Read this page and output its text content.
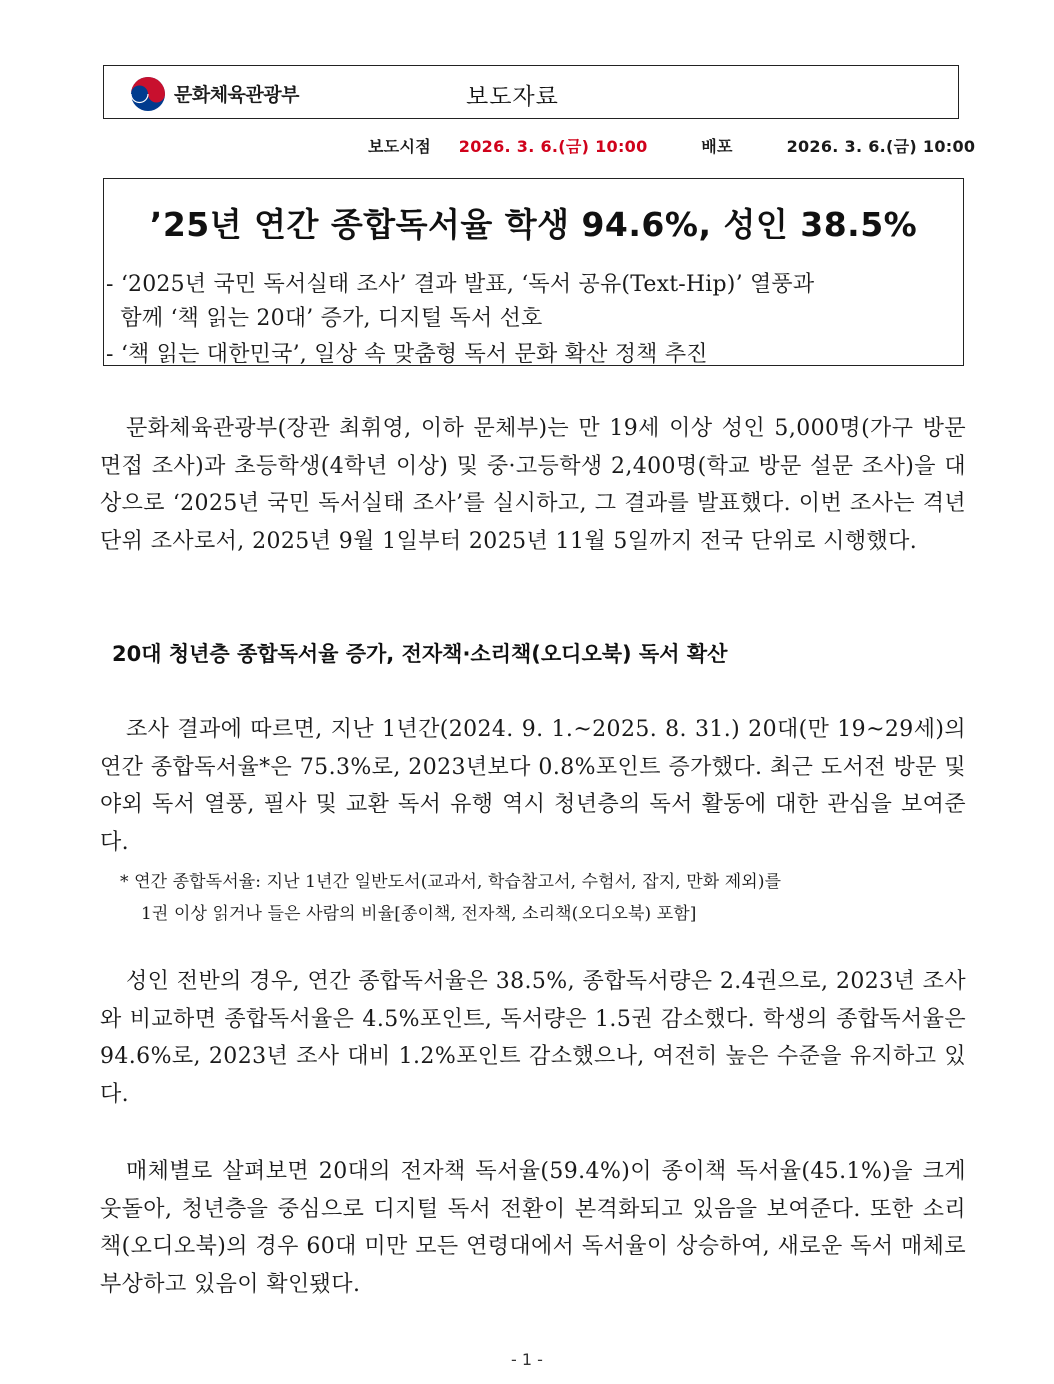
문화체육관광부	보도자료
보도시점 2026. 3. 6.(금) 10:00	배포	2026. 3. 6.(금) 10:00
’25년 연간 종합독서율 학생 94.6%, 성인 38.5%
- ‘2025년 국민 독서실태 조사’ 결과 발표, ‘독서 공유(Text-Hip)’ 열풍과
함께 ‘책 읽는 20대’ 증가, 디지털 독서 선호
- ‘책 읽는 대한민국’, 일상 속 맞춤형 독서 문화 확산 정책 추진
문화체육관광부(장관 최휘영, 이하 문체부)는 만 19세 이상 성인 5,000명(가구 방문 면접 조사)과 초등학생(4학년 이상) 및 중·고등학생 2,400명(학교 방문 설문 조사)을 대상으로 ‘2025년 국민 독서실태 조사’를 실시하고, 그 결과를 발표했다. 이번 조사는 격년 단위 조사로서, 2025년 9월 1일부터 2025년 11월 5일까지 전국 단위로 시행했다.
20대 청년층 종합독서율 증가, 전자책·소리책(오디오북) 독서 확산
조사 결과에 따르면, 지난 1년간(2024. 9. 1.~2025. 8. 31.) 20대(만 19~29세)의 연간 종합독서율*은 75.3%로, 2023년보다 0.8%포인트 증가했다. 최근 도서전 방문 및 야외 독서 열풍, 필사 및 교환 독서 유행 역시 청년층의 독서 활동에 대한 관심을 보여준다.
* 연간 종합독서율: 지난 1년간 일반도서(교과서, 학습참고서, 수험서, 잡지, 만화 제외)를
1권 이상 읽거나 들은 사람의 비율[종이책, 전자책, 소리책(오디오북) 포함]
성인 전반의 경우, 연간 종합독서율은 38.5%, 종합독서량은 2.4권으로, 2023년 조사와 비교하면 종합독서율은 4.5%포인트, 독서량은 1.5권 감소했다. 학생의 종합독서율은 94.6%로, 2023년 조사 대비 1.2%포인트 감소했으나, 여전히 높은 수준을 유지하고 있다.
매체별로 살펴보면 20대의 전자책 독서율(59.4%)이 종이책 독서율(45.1%)을 크게 웃돌아, 청년층을 중심으로 디지털 독서 전환이 본격화되고 있음을 보여준다. 또한 소리책(오디오북)의 경우 60대 미만 모든 연령대에서 독서율이 상승하여, 새로운 독서 매체로 부상하고 있음이 확인됐다.
- 1 -
